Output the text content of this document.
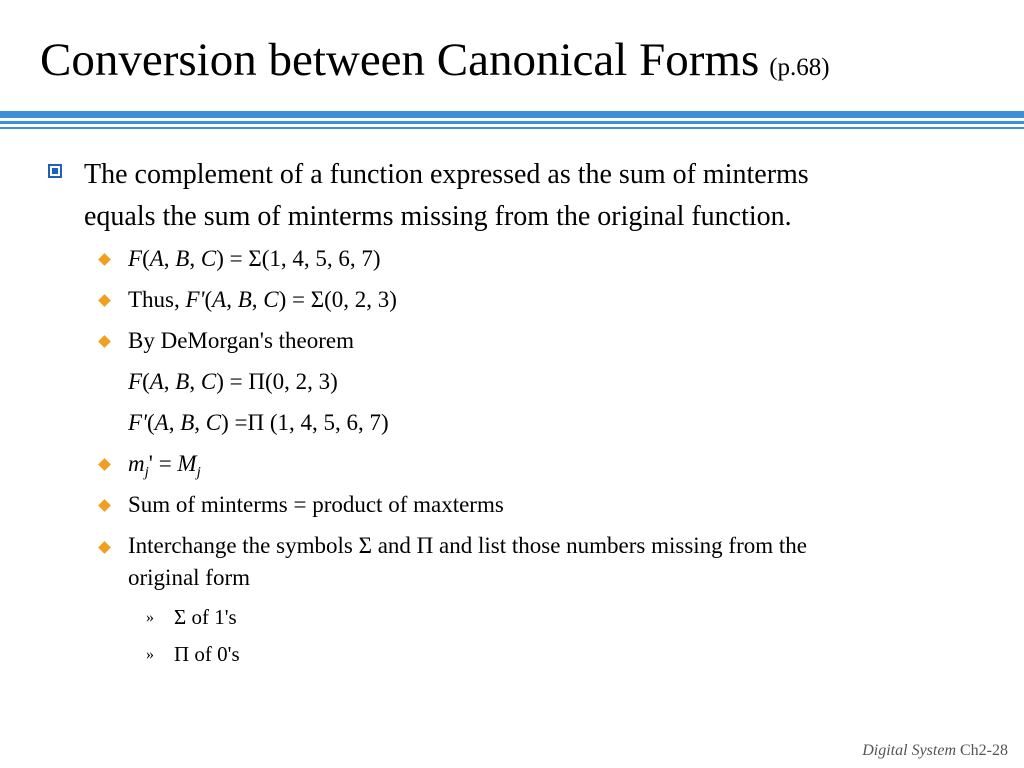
Conversion between Canonical Forms (p.68)
The complement of a function expressed as the sum of minterms
equals the sum of minterms missing from the original function.
F(A, B, C) = Σ(1, 4, 5, 6, 7)
Thus, F'(A, B, C) = Σ(0, 2, 3)
By DeMorgan's theorem
F(A, B, C) = Π(0, 2, 3)
F'(A, B, C) =Π (1, 4, 5, 6, 7)
$m_j' = M_j$
Sum of minterms = product of maxterms
Interchange the symbols Σ and Π and list those numbers missing from the
original form
» Σ of 1's
» Π of 0's
Digital System Ch2-28
